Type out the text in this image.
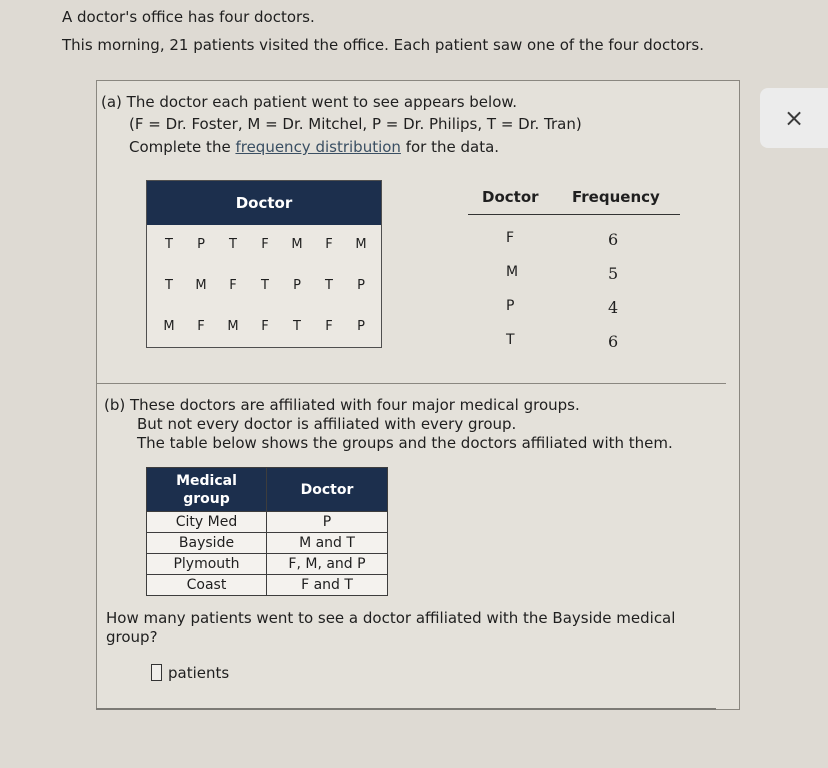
A doctor's office has four doctors.
This morning, 21 patients visited the office. Each patient saw one of the four doctors.
(a) The doctor each patient went to see appears below.
(F = Dr. Foster, M = Dr. Mitchel, P = Dr. Philips, T = Dr. Tran)
Complete the frequency distribution for the data.
×
Doctor
T	P	T	F	M	F	M
T	M	F	T	P	T	P
M	F	M	F	T	F	P
Doctor Frequency
F	6
M	5
P	4
T	6
(b) These doctors are affiliated with four major medical groups.
But not every doctor is affiliated with every group.
The table below shows the groups and the doctors affiliated with them.
Medical
group	Doctor
City Med	P
Bayside	M and T
Plymouth	F, M, and P
Coast	F and T
How many patients went to see a doctor affiliated with the Bayside medical group?
patients
